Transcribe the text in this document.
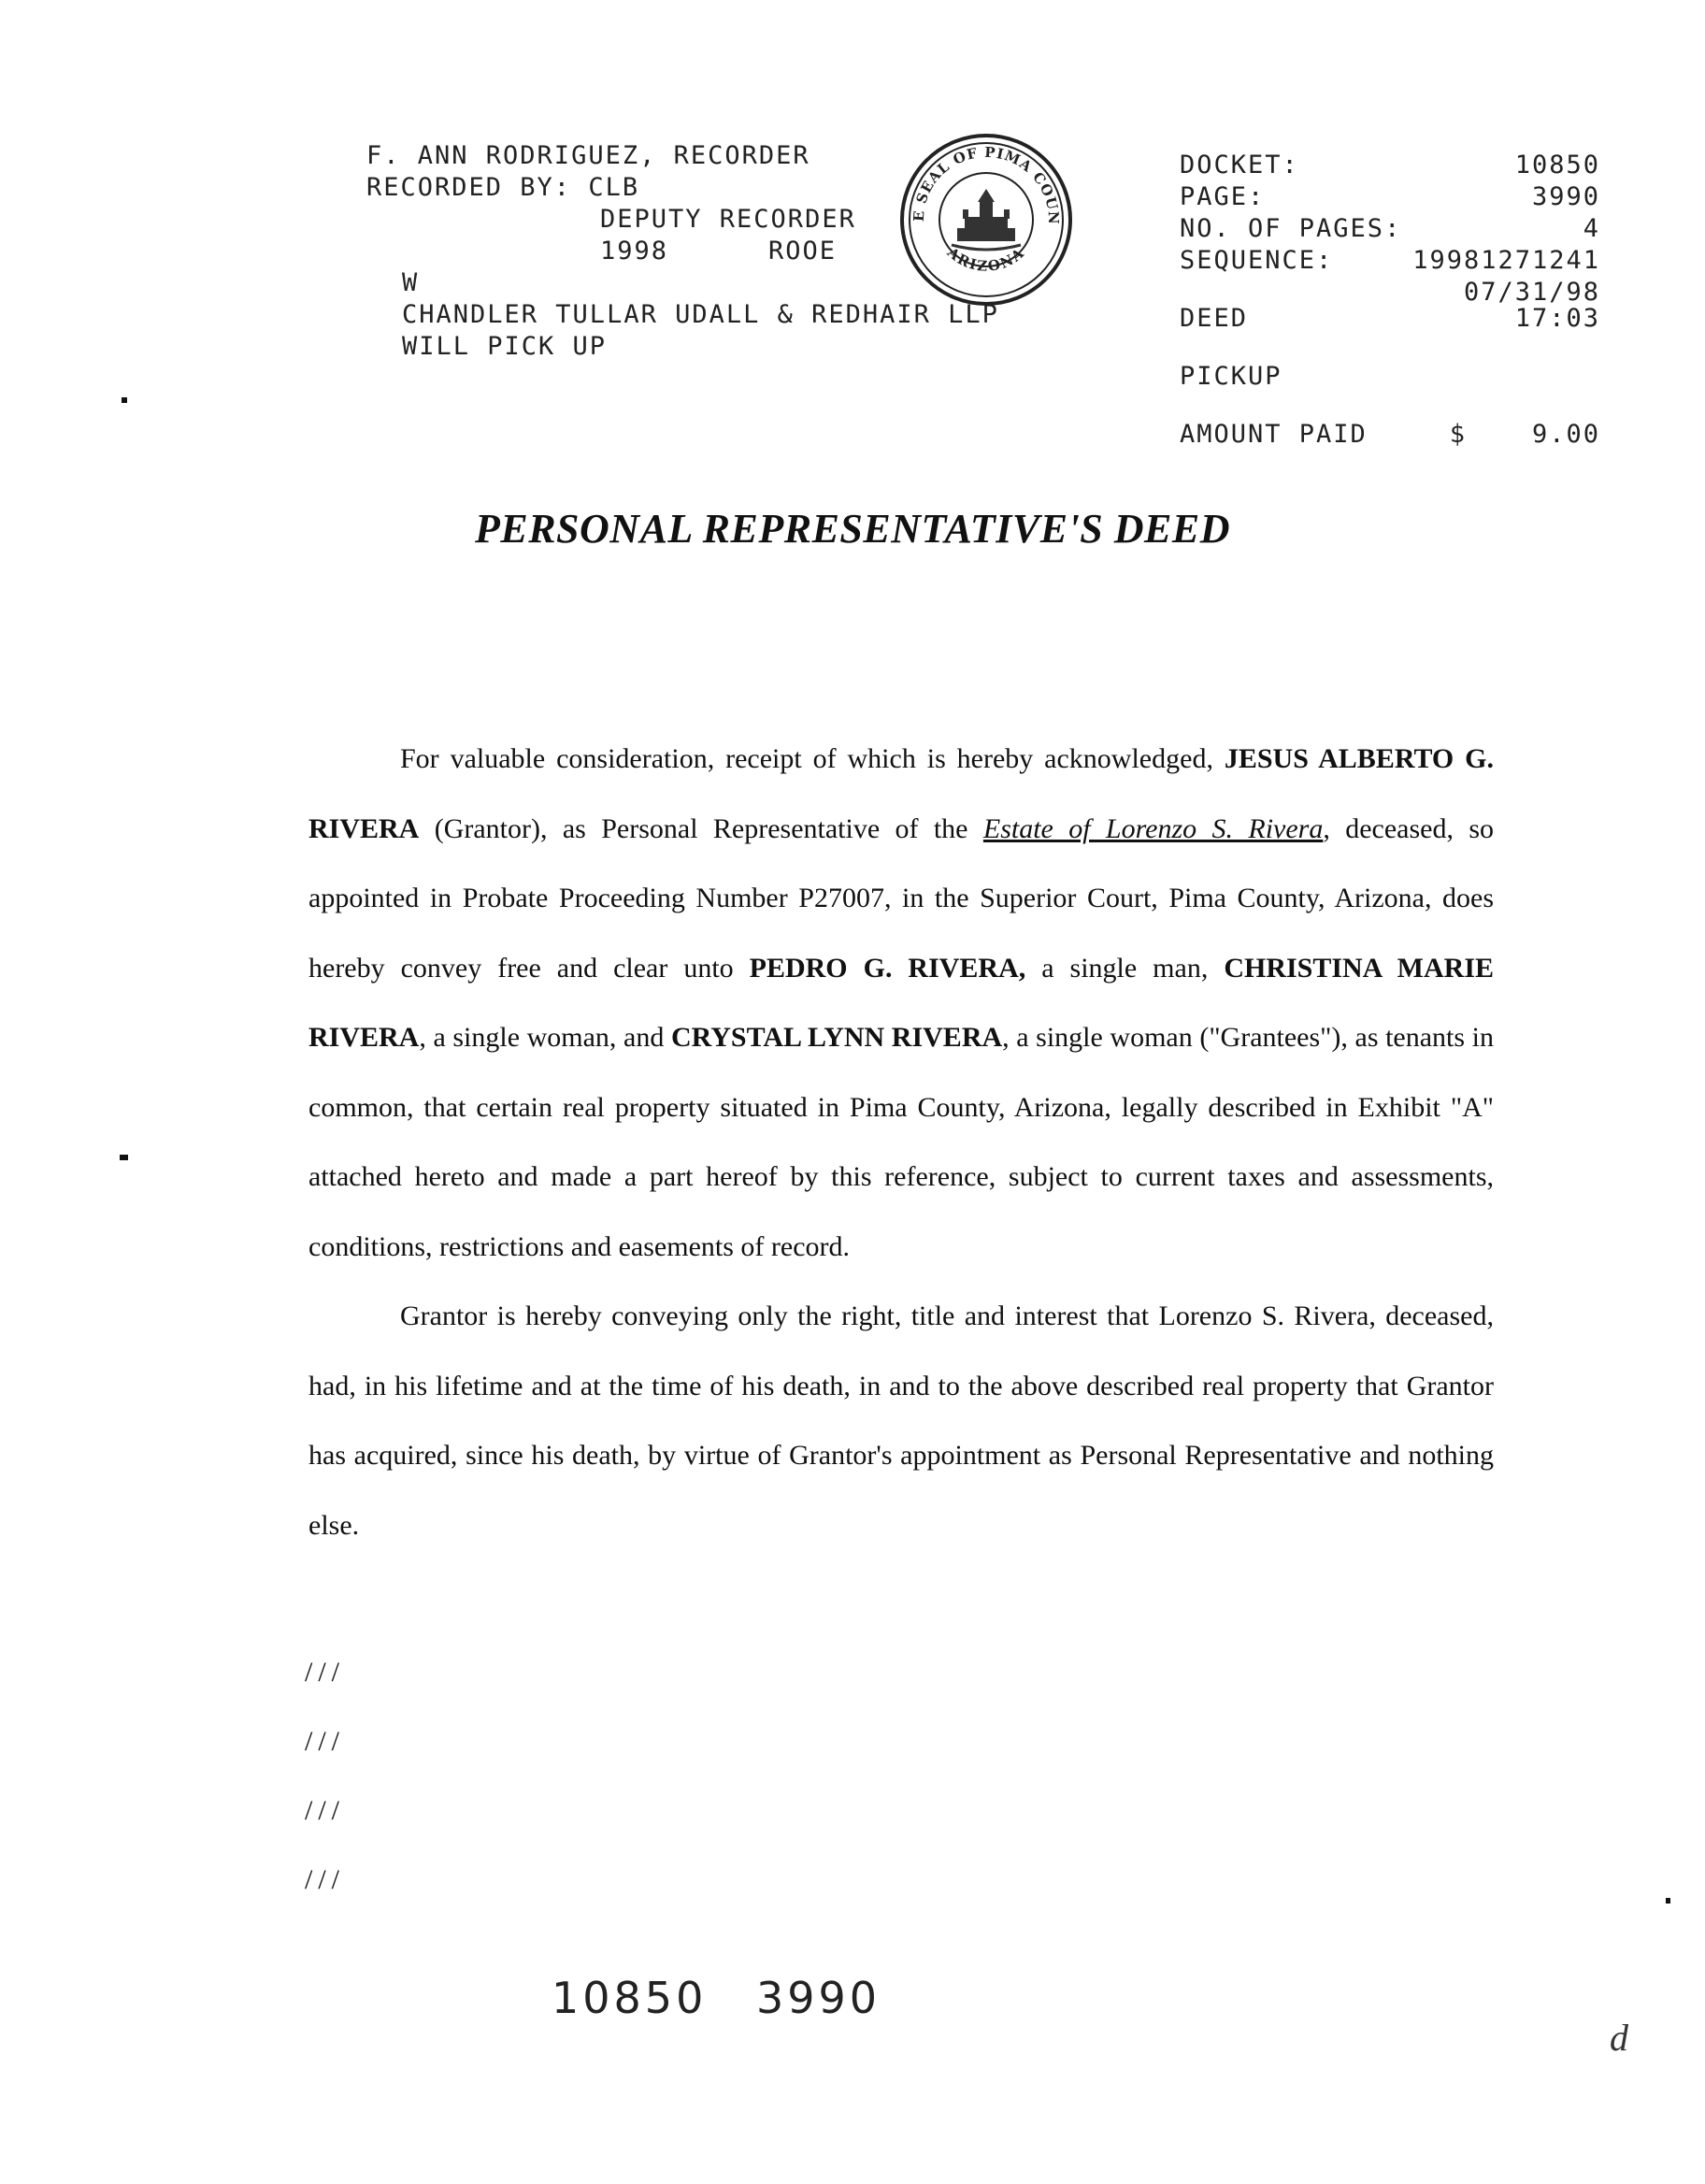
F. ANN RODRIGUEZ, RECORDER
RECORDED BY: CLB
DEPUTY RECORDER
1998	ROOE
W
CHANDLER TULLAR UDALL & REDHAIR LLP
WILL PICK UP
E SEAL OF PIMA COUN
ARIZONA
DOCKET:	10850
PAGE:	3990
NO. OF PAGES:	4
SEQUENCE:	19981271241
07/31/98
DEED	17:03
PICKUP
AMOUNT PAID	$	9.00
PERSONAL REPRESENTATIVE'S DEED

For valuable consideration, receipt of which is hereby acknowledged, JESUS ALBERTO G. RIVERA (Grantor), as Personal Representative of the Estate of Lorenzo S. Rivera, deceased, so appointed in Probate Proceeding Number P27007, in the Superior Court, Pima County, Arizona, does hereby convey free and clear unto PEDRO G. RIVERA, a single man, CHRISTINA MARIE RIVERA, a single woman, and CRYSTAL LYNN RIVERA, a single woman ("Grantees"), as tenants in common, that certain real property situated in Pima County, Arizona, legally described in Exhibit "A" attached hereto and made a part hereof by this reference, subject to current taxes and assessments, conditions, restrictions and easements of record.

Grantor is hereby conveying only the right, title and interest that Lorenzo S. Rivera, deceased, had, in his lifetime and at the time of his death, in and to the above described real property that Grantor has acquired, since his death, by virtue of Grantor's appointment as Personal Representative and nothing else.

///
///
///
///
10850 3990
d
